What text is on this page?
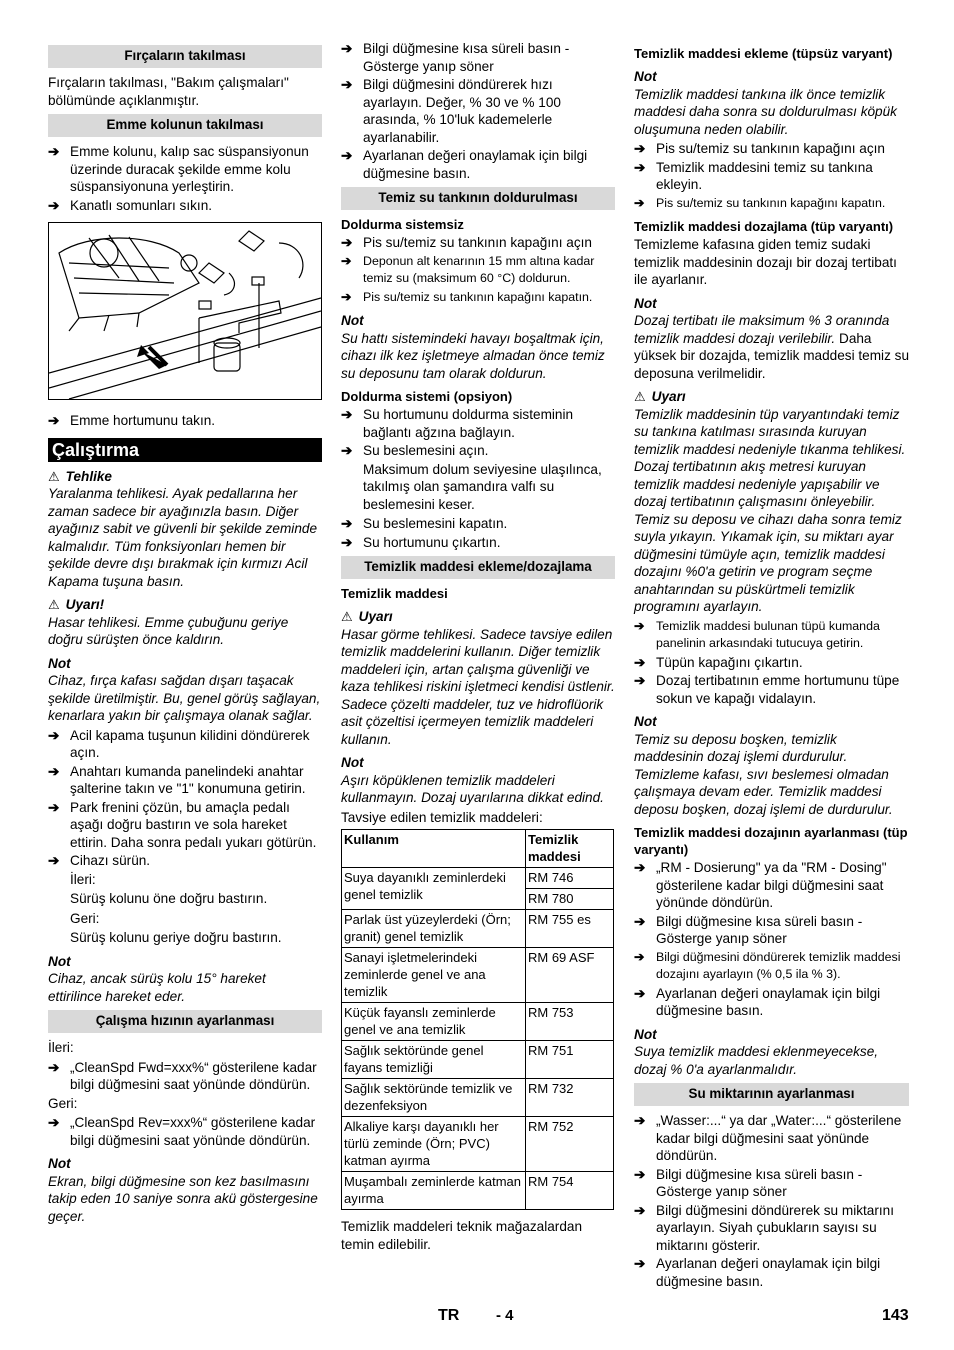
Fırçaların takılması

Fırçaların takılması, "Bakım çalışmaları" bölümünde açıklanmıştır.

Emme kolunun takılması
➔ Emme kolunu, kalıp sac süspansiyonun üzerinde duracak şekilde emme kolu süspansiyonuna yerleştirin.
➔ Kanatlı somunları sıkın.
➔ Emme hortumunu takın.
Çalıştırma
⚠ Tehlike

Yaralanma tehlikesi. Ayak pedallarına her zaman sadece bir ayağınızla basın. Diğer ayağınız sabit ve güvenli bir şekilde zeminde kalmalıdır. Tüm fonksiyonları hemen bir şekilde devre dışı bırakmak için kırmızı Acil Kapama tuşuna basın.

⚠ Uyarı!

Hasar tehlikesi. Emme çubuğunu geriye doğru sürüşten önce kaldırın.

Not

Cihaz, fırça kafası sağdan dışarı taşacak şekilde üretilmiştir. Bu, genel görüş sağlayan, kenarlara yakın bir çalışmaya olanak sağlar.

➔ Acil kapama tuşunun kilidini döndürerek açın.
➔ Anahtarı kumanda panelindeki anahtar şalterine takın ve "1" konumuna getirin.
➔ Park frenini çözün, bu amaçla pedalı aşağı doğru bastırın ve sola hareket ettirin. Daha sonra pedalı yukarı götürün.
➔ Cihazı sürün.

İleri:

Sürüş kolunu öne doğru bastırın.

Geri:

Sürüş kolunu geriye doğru bastırın.

Not

Cihaz, ancak sürüş kolu 15° hareket ettirilince hareket eder.

Çalışma hızının ayarlanması

İleri:

➔ „CleanSpd Fwd=xxx%“ gösterilene kadar bilgi düğmesini saat yönünde döndürün.

Geri:

➔ „CleanSpd Rev=xxx%“ gösterilene kadar bilgi düğmesini saat yönünde döndürün.
Not

Ekran, bilgi düğmesine son kez basılmasını takip eden 10 saniye sonra akü göstergesine geçer.

➔ Bilgi düğmesine kısa süreli basın - Gösterge yanıp söner
➔ Bilgi düğmesini döndürerek hızı ayarlayın. Değer, % 30 ve % 100 arasında, % 10'luk kademelerle ayarlanabilir.
➔ Ayarlanan değeri onaylamak için bilgi düğmesine basın.
Temiz su tankının doldurulması
Doldurma sistemsiz
➔ Pis su/temiz su tankının kapağını açın
➔ Deponun alt kenarının 15 mm altına kadar temiz su (maksimum 60 °C) doldurun.
➔ Pis su/temiz su tankının kapağını kapatın.
Not

Su hattı sistemindeki havayı boşaltmak için, cihazı ilk kez işletmeye almadan önce temiz su deposunu tam olarak doldurun.

Doldurma sistemi (opsiyon)
➔ Su hortumunu doldurma sisteminin bağlantı ağzına bağlayın.
➔ Su beslemesini açın.

Maksimum dolum seviyesine ulaşılınca, takılmış olan şamandıra valfı su beslemesini keser.

➔ Su beslemesini kapatın.
➔ Su hortumunu çıkartın.
Temizlik maddesi ekleme/dozajlama
Temizlik maddesi
⚠ Uyarı

Hasar görme tehlikesi. Sadece tavsiye edilen temizlik maddelerini kullanın. Diğer temizlik maddeleri için, artan çalışma güvenliği ve kaza tehlikesi riskini işletmeci kendisi üstlenir. Sadece çözelti maddeler, tuz ve hidroflüorik asit çözeltisi içermeyen temizlik maddeleri kullanın.

Not

Aşırı köpüklenen temizlik maddeleri kullanmayın. Dozaj uyarılarına dikkat edind.

Tavsiye edilen temizlik maddeleri:

Kullanım	Temizlik maddesi
Suya dayanıklı zeminlerdeki genel temizlik	RM 746
	RM 780
Parlak üst yüzeylerdeki (Örn; granit) genel temizlik	RM 755 es
Sanayi işletmelerindeki zeminlerde genel ve ana temizlik	RM 69 ASF
Küçük fayanslı zeminlerde genel ve ana temizlik	RM 753
Sağlık sektöründe genel fayans temizliği	RM 751
Sağlık sektöründe temizlik ve dezenfeksiyon	RM 732
Alkaliye karşı dayanıklı her türlü zeminde (Örn; PVC) katman ayırma	RM 752
Muşambalı zeminlerde katman ayırma	RM 754

Temizlik maddeleri teknik mağazalardan temin edilebilir.

Temizlik maddesi ekleme (tüpsüz varyant)
Not

Temizlik maddesi tankına ilk önce temizlik maddesi daha sonra su doldurulması köpük oluşumuna neden olabilir.

➔ Pis su/temiz su tankının kapağını açın
➔ Temizlik maddesini temiz su tankına ekleyin.
➔ Pis su/temiz su tankının kapağını kapatın.
Temizlik maddesi dozajlama (tüp varyantı)

Temizleme kafasına giden temiz sudaki temizlik maddesinin dozajı bir dozaj tertibatı ile ayarlanır.

Not

Dozaj tertibatı ile maksimum % 3 oranında temizlik maddesi dozajı verilebilir. Daha yüksek bir dozajda, temizlik maddesi temiz su deposuna verilmelidir.

⚠ Uyarı

Temizlik maddesinin tüp varyantındaki temiz su tankına katılması sırasında kuruyan temizlik maddesi nedeniyle tıkanma tehlikesi. Dozaj tertibatının akış metresi kuruyan temizlik maddesi nedeniyle yapışabilir ve dozaj tertibatının çalışmasını önleyebilir. Temiz su deposu ve cihazı daha sonra temiz suyla yıkayın. Yıkamak için, su miktarı ayar düğmesini tümüyle açın, temizlik maddesi dozajını %0'a getirin ve program seçme anahtarından su püskürtmeli temizlik programını ayarlayın.

➔ Temizlik maddesi bulunan tüpü kumanda panelinin arkasındaki tutucuya getirin.
➔ Tüpün kapağını çıkartın.
➔ Dozaj tertibatının emme hortumunu tüpe sokun ve kapağı vidalayın.
Not

Temiz su deposu boşken, temizlik maddesinin dozaj işlemi durdurulur. Temizleme kafası, sıvı beslemesi olmadan çalışmaya devam eder. Temizlik maddesi deposu boşken, dozaj işlemi de durdurulur.

Temizlik maddesi dozajının ayarlanması (tüp varyantı)
➔ „RM - Dosierung" ya da "RM - Dosing" gösterilene kadar bilgi düğmesini saat yönünde döndürün.
➔ Bilgi düğmesine kısa süreli basın - Gösterge yanıp söner
➔ Bilgi düğmesini döndürerek temizlik maddesi dozajını ayarlayın (% 0,5 ila % 3).
➔ Ayarlanan değeri onaylamak için bilgi düğmesine basın.
Not

Suya temizlik maddesi eklenmeyecekse, dozaj % 0'a ayarlanmalıdır.

Su miktarının ayarlanması
➔ „Wasser:...“ ya dar „Water:...“ gösterilene kadar bilgi düğmesini saat yönünde döndürün.
➔ Bilgi düğmesine kısa süreli basın - Gösterge yanıp söner
➔ Bilgi düğmesini döndürerek su miktarını ayarlayın. Siyah çubukların sayısı su miktarını gösterir.
➔ Ayarlanan değeri onaylamak için bilgi düğmesine basın.
TR - 4	143
